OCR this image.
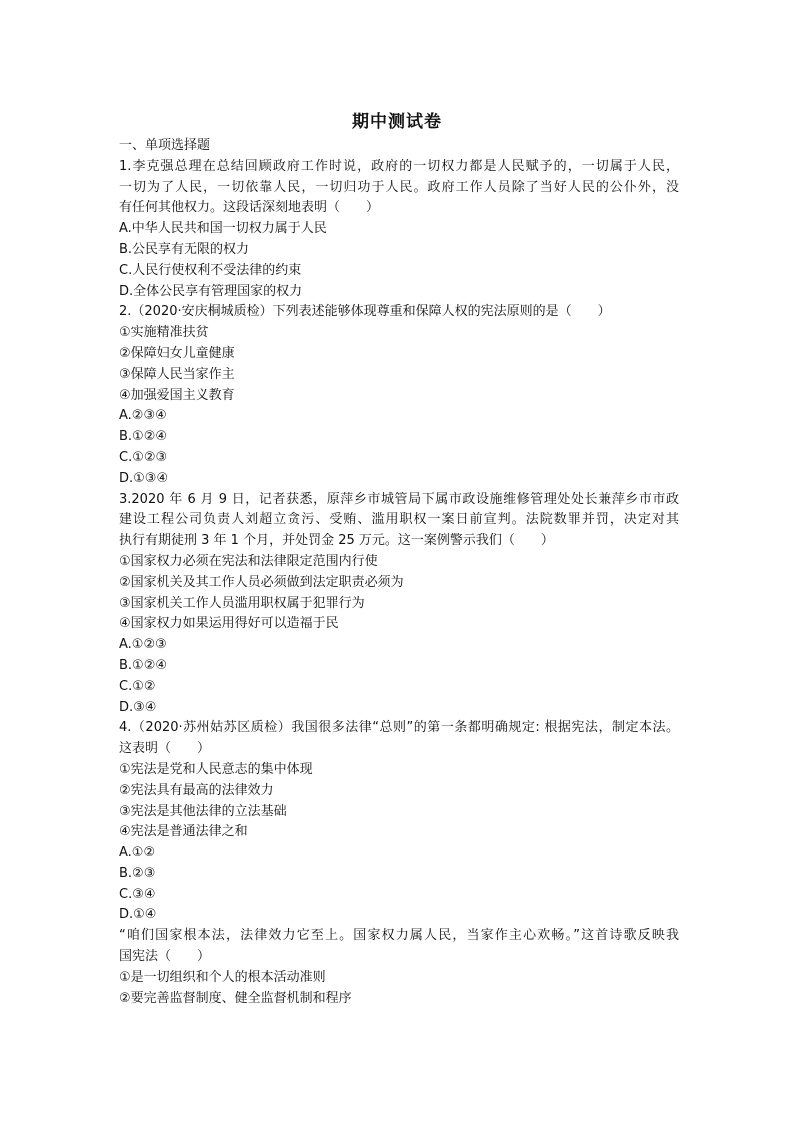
期中测试卷
一、单项选择题
1.李克强总理在总结回顾政府工作时说，政府的一切权力都是人民赋予的，一切属于人民，
一切为了人民，一切依靠人民，一切归功于人民。政府工作人员除了当好人民的公仆外，没
有任何其他权力。这段话深刻地表明（　　）
A.中华人民共和国一切权力属于人民
B.公民享有无限的权力
C.人民行使权利不受法律的约束
D.全体公民享有管理国家的权力
2.（2020·安庆桐城质检）下列表述能够体现尊重和保障人权的宪法原则的是（　　）
①实施精准扶贫
②保障妇女儿童健康
③保障人民当家作主
④加强爱国主义教育
A.②③④
B.①②④
C.①②③
D.①③④
3.2020 年 6 月 9 日，记者获悉，原萍乡市城管局下属市政设施维修管理处处长兼萍乡市市政
建设工程公司负责人刘超立贪污、受贿、滥用职权一案日前宣判。法院数罪并罚，决定对其
执行有期徒刑 3 年 1 个月，并处罚金 25 万元。这一案例警示我们（　　）
①国家权力必须在宪法和法律限定范围内行使
②国家机关及其工作人员必须做到法定职责必须为
③国家机关工作人员滥用职权属于犯罪行为
④国家权力如果运用得好可以造福于民
A.①②③
B.①②④
C.①②
D.③④
4.（2020·苏州姑苏区质检）我国很多法律“总则”的第一条都明确规定: 根据宪法，制定本法。
这表明（　　）
①宪法是党和人民意志的集中体现
②宪法具有最高的法律效力
③宪法是其他法律的立法基础
④宪法是普通法律之和
A.①②
B.②③
C.③④
D.①④
“咱们国家根本法，法律效力它至上。国家权力属人民，当家作主心欢畅。”这首诗歌反映我
国宪法（　　）
①是一切组织和个人的根本活动准则
②要完善监督制度、健全监督机制和程序
